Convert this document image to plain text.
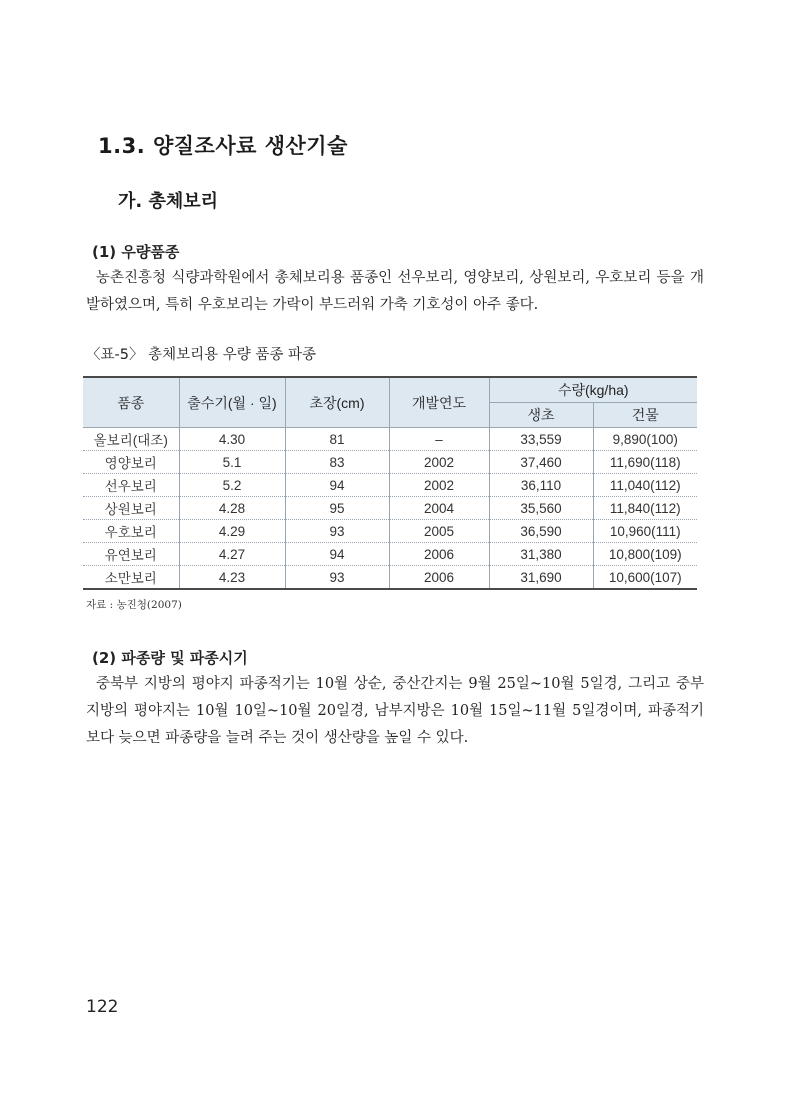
1.3. 양질조사료 생산기술
가. 총체보리
(1) 우량품종

농촌진흥청 식량과학원에서 총체보리용 품종인 선우보리, 영양보리, 상원보리, 우호보리 등을 개발하였으며, 특히 우호보리는 가락이 부드러워 가축 기호성이 아주 좋다.

〈표-5〉 총체보리용 우량 품종 파종

품종	출수기(월 · 일)	초장(cm)	개발연도	수량(kg/ha)	
				생초	건물
올보리(대조)	4.30	81	–	33,559	9,890(100)
영양보리	5.1	83	2002	37,460	11,690(118)
선우보리	5.2	94	2002	36,110	11,040(112)
상원보리	4.28	95	2004	35,560	11,840(112)
우호보리	4.29	93	2005	36,590	10,960(111)
유연보리	4.27	94	2006	31,380	10,800(109)
소만보리	4.23	93	2006	31,690	10,600(107)

자료 : 농진청(2007)

(2) 파종량 및 파종시기

중북부 지방의 평야지 파종적기는 10월 상순, 중산간지는 9월 25일~10월 5일경, 그리고 중부지방의 평야지는 10월 10일~10월 20일경, 남부지방은 10월 15일~11월 5일경이며, 파종적기보다 늦으면 파종량을 늘려 주는 것이 생산량을 높일 수 있다.

122
